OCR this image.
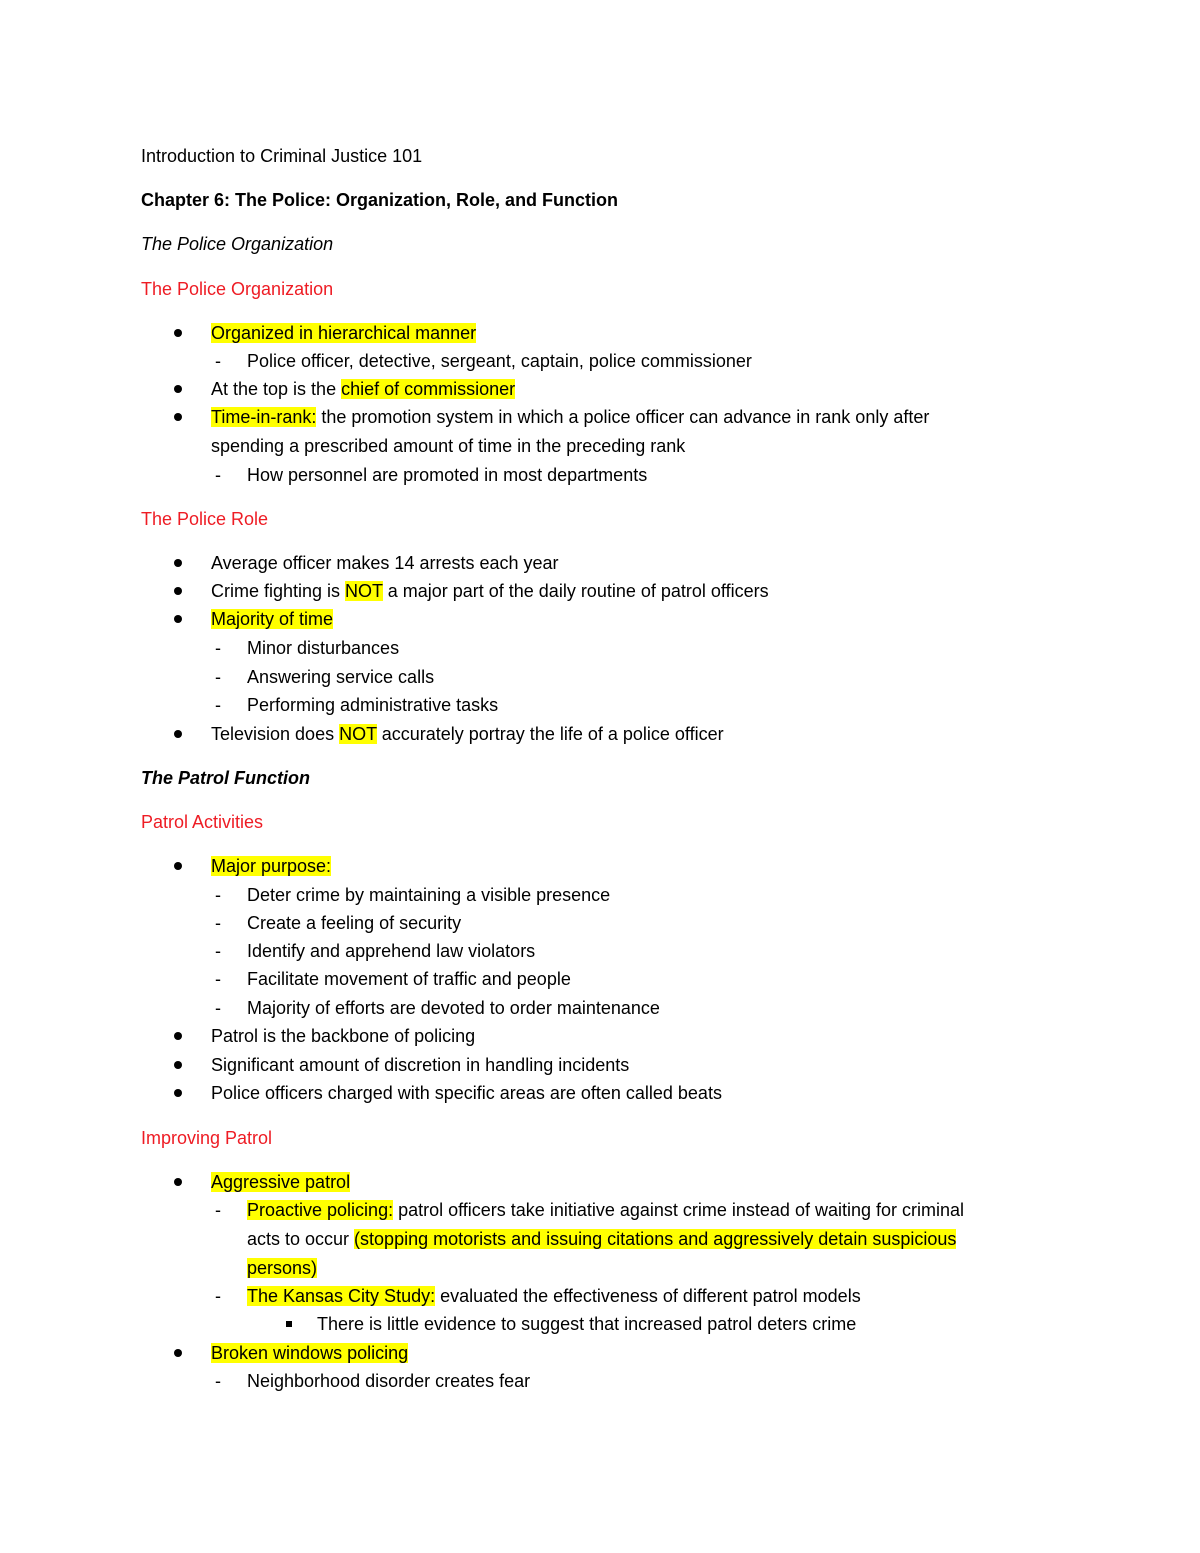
Introduction to Criminal Justice 101
Chapter 6: The Police: Organization, Role, and Function
The Police Organization
The Police Organization
Organized in hierarchical manner
- Police officer, detective, sergeant, captain, police commissioner
At the top is the chief of commissioner
Time-in-rank: the promotion system in which a police officer can advance in rank only after
spending a prescribed amount of time in the preceding rank
- How personnel are promoted in most departments
The Police Role
Average officer makes 14 arrests each year
Crime fighting is NOT a major part of the daily routine of patrol officers
Majority of time
- Minor disturbances
- Answering service calls
- Performing administrative tasks
Television does NOT accurately portray the life of a police officer
The Patrol Function
Patrol Activities
Major purpose:
- Deter crime by maintaining a visible presence
- Create a feeling of security
- Identify and apprehend law violators
- Facilitate movement of traffic and people
- Majority of efforts are devoted to order maintenance
Patrol is the backbone of policing
Significant amount of discretion in handling incidents
Police officers charged with specific areas are often called beats
Improving Patrol
Aggressive patrol
- Proactive policing: patrol officers take initiative against crime instead of waiting for criminal
acts to occur (stopping motorists and issuing citations and aggressively detain suspicious
persons)
- The Kansas City Study: evaluated the effectiveness of different patrol models
There is little evidence to suggest that increased patrol deters crime
Broken windows policing
- Neighborhood disorder creates fear
